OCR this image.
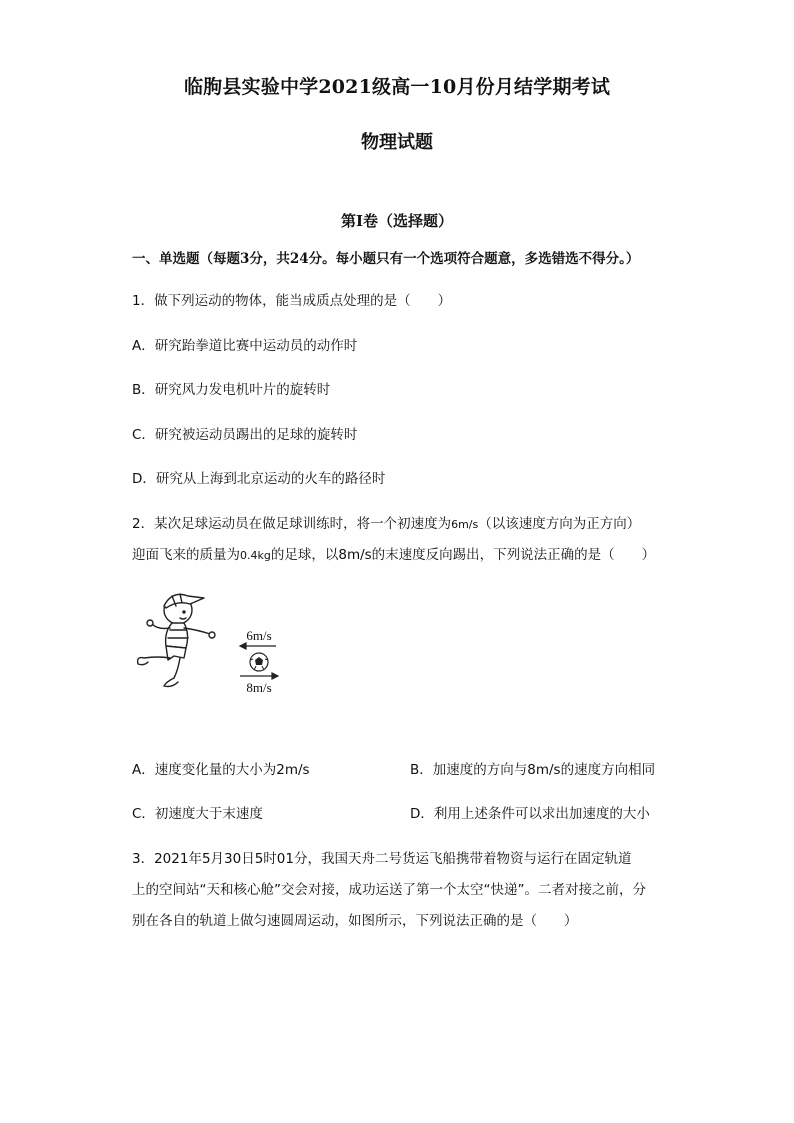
临朐县实验中学2021级高一10月份月结学期考试
物理试题
第I卷（选择题）
一、单选题（每题3分，共24分。每小题只有一个选项符合题意，多选错选不得分。）
1．做下列运动的物体，能当成质点处理的是（　　）
A．研究跆拳道比赛中运动员的动作时
B．研究风力发电机叶片的旋转时
C．研究被运动员踢出的足球的旋转时
D．研究从上海到北京运动的火车的路径时
2．某次足球运动员在做足球训练时，将一个初速度为6m/s（以该速度方向为正方向）
迎面飞来的质量为0.4kg的足球，以8m/s的末速度反向踢出，下列说法正确的是（　　）
6m/s
8m/s
A．速度变化量的大小为2m/s	B．加速度的方向与8m/s的速度方向相同
C．初速度大于末速度	D．利用上述条件可以求出加速度的大小
3．2021年5月30日5时01分，我国天舟二号货运飞船携带着物资与运行在固定轨道
上的空间站“天和核心舱”交会对接，成功运送了第一个太空“快递”。二者对接之前，分
别在各自的轨道上做匀速圆周运动，如图所示，下列说法正确的是（　　）
